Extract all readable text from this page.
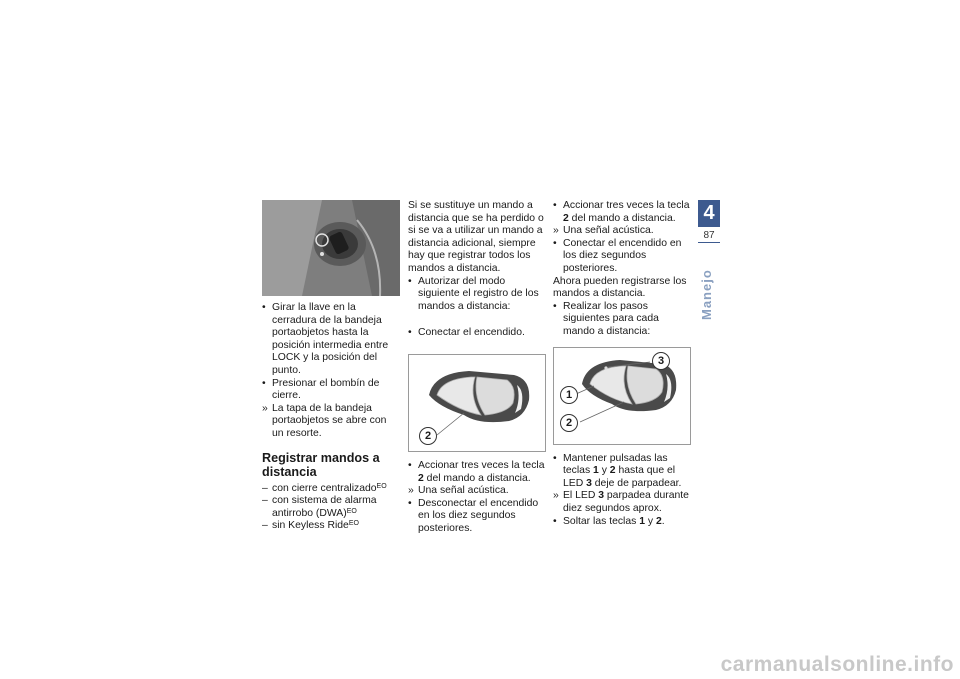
• Girar la llave en la cerradura de la bandeja portaobjetos hasta la posición intermedia entre LOCK y la posición del punto.
• Presionar el bombín de cierre.
» La tapa de la bandeja portaobjetos se abre con un resorte.
Registrar mandos a distancia
– con cierre centralizado$^{EO}$
– con sistema de alarma antirrobo (DWA)$^{EO}$
– sin Keyless Ride$^{EO}$

Si se sustituye un mando a distancia que se ha perdido o si se va a utilizar un mando a distancia adicional, siempre hay que registrar todos los mandos a distancia.

• Autorizar del modo siguiente el registro de los mandos a distancia:
• Conectar el encendido.
2
• Accionar tres veces la tecla 2 del mando a distancia.
» Una señal acústica.
• Desconectar el encendido en los diez segundos posteriores.
• Accionar tres veces la tecla 2 del mando a distancia.
» Una señal acústica.
• Conectar el encendido en los diez segundos posteriores.

Ahora pueden registrarse los mandos a distancia.

• Realizar los pasos siguientes para cada mando a distancia:
1
2
3
• Mantener pulsadas las teclas 1 y 2 hasta que el LED 3 deje de parpadear.
» El LED 3 parpadea durante diez segundos aprox.
• Soltar las teclas 1 y 2.
4
87
Manejo
carmanualsonline.info
